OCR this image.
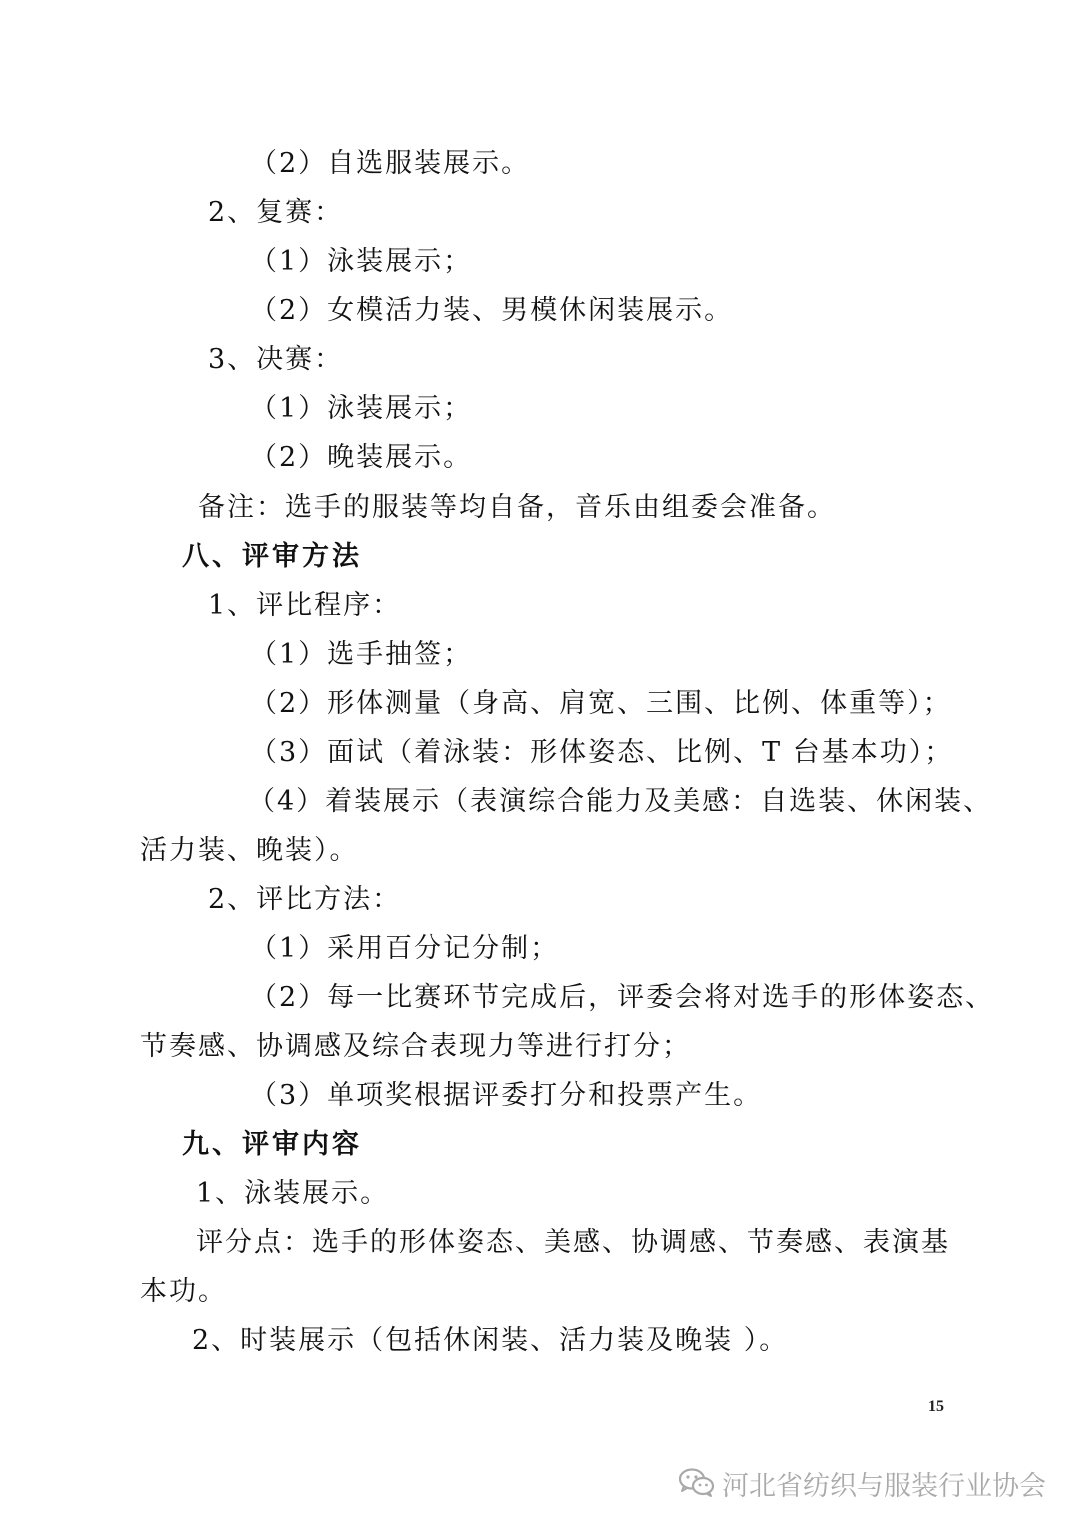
（2）自选服装展示。
2、复赛：
（1）泳装展示；
（2）女模活力装、男模休闲装展示。
3、决赛：
（1）泳装展示；
（2）晚装展示。
备注：选手的服装等均自备，音乐由组委会准备。
八、评审方法
1、评比程序：
（1）选手抽签；
（2）形体测量（身高、肩宽、三围、比例、体重等）；
（3）面试（着泳装：形体姿态、比例、T 台基本功）；
（4）着装展示（表演综合能力及美感：自选装、休闲装、
活力装、晚装）。
2、评比方法：
（1）采用百分记分制；
（2）每一比赛环节完成后，评委会将对选手的形体姿态、
节奏感、协调感及综合表现力等进行打分；
（3）单项奖根据评委打分和投票产生。
九、评审内容
1、泳装展示。
评分点：选手的形体姿态、美感、协调感、节奏感、表演基
本功。
2、时装展示（包括休闲装、活力装及晚装 ）。
15
河北省纺织与服装行业协会
